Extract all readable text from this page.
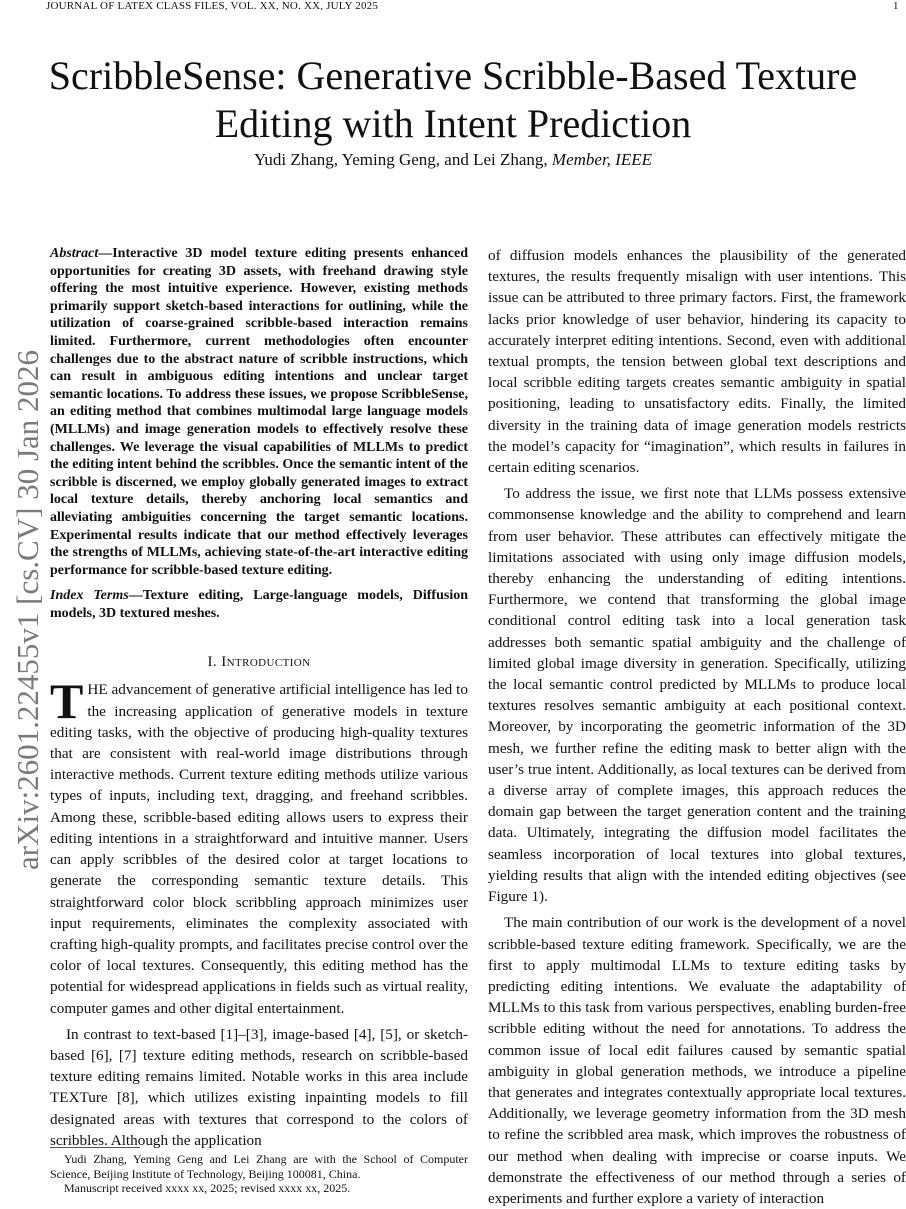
JOURNAL OF LATEX CLASS FILES, VOL. XX, NO. XX, JULY 2025	1
arXiv:2601.22455v1 [cs.CV] 30 Jan 2026
ScribbleSense: Generative Scribble-Based Texture Editing with Intent Prediction
Yudi Zhang, Yeming Geng, and Lei Zhang, Member, IEEE

Abstract—Interactive 3D model texture editing presents enhanced opportunities for creating 3D assets, with freehand drawing style offering the most intuitive experience. However, existing methods primarily support sketch-based interactions for outlining, while the utilization of coarse-grained scribble-based interaction remains limited. Furthermore, current methodologies often encounter challenges due to the abstract nature of scribble instructions, which can result in ambiguous editing intentions and unclear target semantic locations. To address these issues, we propose ScribbleSense, an editing method that combines multimodal large language models (MLLMs) and image generation models to effectively resolve these challenges. We leverage the visual capabilities of MLLMs to predict the editing intent behind the scribbles. Once the semantic intent of the scribble is discerned, we employ globally generated images to extract local texture details, thereby anchoring local semantics and alleviating ambiguities concerning the target semantic locations. Experimental results indicate that our method effectively leverages the strengths of MLLMs, achieving state-of-the-art interactive editing performance for scribble-based texture editing.

Index Terms—Texture editing, Large-language models, Diffusion models, 3D textured meshes.

I. Introduction

THE advancement of generative artificial intelligence has led to the increasing application of generative models in texture editing tasks, with the objective of producing high-quality textures that are consistent with real-world image distributions through interactive methods. Current texture editing methods utilize various types of inputs, including text, dragging, and freehand scribbles. Among these, scribble-based editing allows users to express their editing intentions in a straightforward and intuitive manner. Users can apply scribbles of the desired color at target locations to generate the corresponding semantic texture details. This straightforward color block scribbling approach minimizes user input requirements, eliminates the complexity associated with crafting high-quality prompts, and facilitates precise control over the color of local textures. Consequently, this editing method has the potential for widespread applications in fields such as virtual reality, computer games and other digital entertainment.

In contrast to text-based [1]–[3], image-based [4], [5], or sketch-based [6], [7] texture editing methods, research on scribble-based texture editing remains limited. Notable works in this area include TEXTure [8], which utilizes existing inpainting models to fill designated areas with textures that correspond to the colors of scribbles. Although the application

of diffusion models enhances the plausibility of the generated textures, the results frequently misalign with user intentions. This issue can be attributed to three primary factors. First, the framework lacks prior knowledge of user behavior, hindering its capacity to accurately interpret editing intentions. Second, even with additional textual prompts, the tension between global text descriptions and local scribble editing targets creates semantic ambiguity in spatial positioning, leading to unsatisfactory edits. Finally, the limited diversity in the training data of image generation models restricts the model’s capacity for “imagination”, which results in failures in certain editing scenarios.

To address the issue, we first note that LLMs possess extensive commonsense knowledge and the ability to comprehend and learn from user behavior. These attributes can effectively mitigate the limitations associated with using only image diffusion models, thereby enhancing the understanding of editing intentions. Furthermore, we contend that transforming the global image conditional control editing task into a local generation task addresses both semantic spatial ambiguity and the challenge of limited global image diversity in generation. Specifically, utilizing the local semantic control predicted by MLLMs to produce local textures resolves semantic ambiguity at each positional context. Moreover, by incorporating the geometric information of the 3D mesh, we further refine the editing mask to better align with the user’s true intent. Additionally, as local textures can be derived from a diverse array of complete images, this approach reduces the domain gap between the target generation content and the training data. Ultimately, integrating the diffusion model facilitates the seamless incorporation of local textures into global textures, yielding results that align with the intended editing objectives (see Figure 1).

The main contribution of our work is the development of a novel scribble-based texture editing framework. Specifically, we are the first to apply multimodal LLMs to texture editing tasks by predicting editing intentions. We evaluate the adaptability of MLLMs to this task from various perspectives, enabling burden-free scribble editing without the need for annotations. To address the common issue of local edit failures caused by semantic spatial ambiguity in global generation methods, we introduce a pipeline that generates and integrates contextually appropriate local textures. Additionally, we leverage geometry information from the 3D mesh to refine the scribbled area mask, which improves the robustness of our method when dealing with imprecise or coarse inputs. We demonstrate the effectiveness of our method through a series of experiments and further explore a variety of interaction

Yudi Zhang, Yeming Geng and Lei Zhang are with the School of Computer Science, Beijing Institute of Technology, Beijing 100081, China.

Manuscript received xxxx xx, 2025; revised xxxx xx, 2025.
